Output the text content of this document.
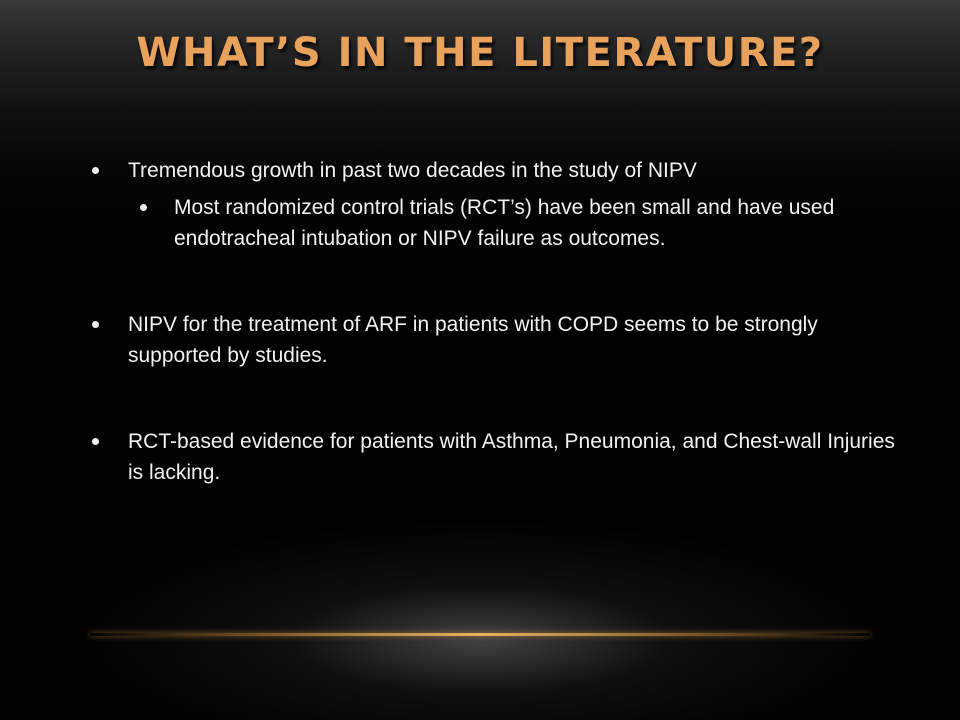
WHAT’S IN THE LITERATURE?
Tremendous growth in past two decades in the study of NIPV
Most randomized control trials (RCT’s) have been small and have used endotracheal intubation or NIPV failure as outcomes.
NIPV for the treatment of ARF in patients with COPD seems to be strongly supported by studies.
RCT-based evidence for patients with Asthma, Pneumonia, and Chest-wall Injuries is lacking.
